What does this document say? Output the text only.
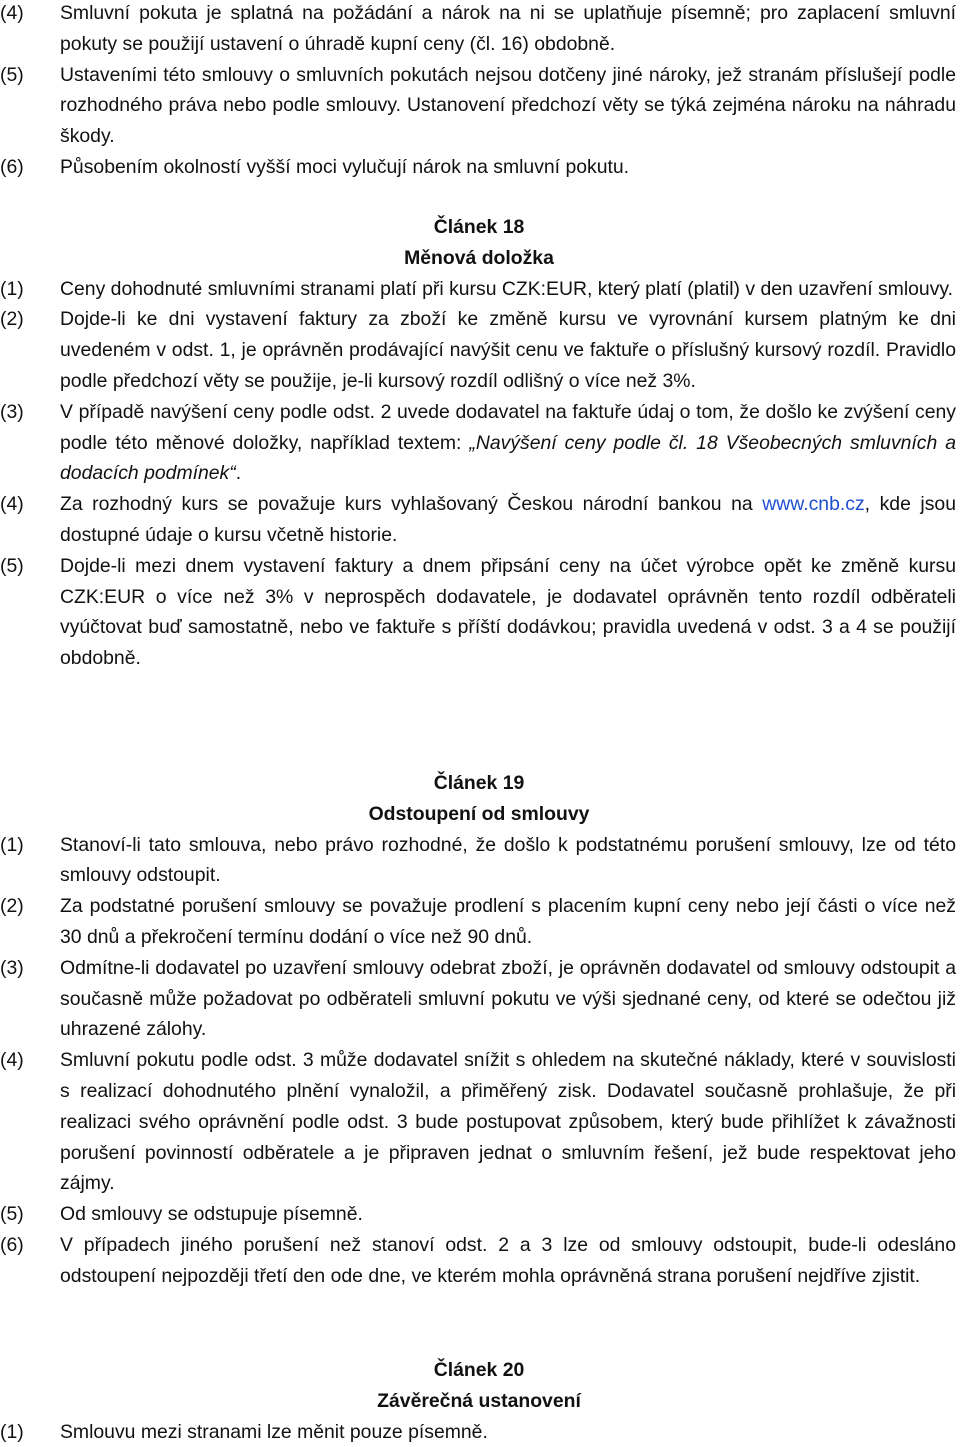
(4)	Smluvní pokuta je splatná na požádání a nárok na ni se uplatňuje písemně; pro zaplacení smluvní pokuty se použijí ustavení o úhradě kupní ceny (čl. 16) obdobně.
(5)	Ustaveními této smlouvy o smluvních pokutách nejsou dotčeny jiné nároky, jež stranám příslušejí podle rozhodného práva nebo podle smlouvy. Ustanovení předchozí věty se týká zejména nároku na náhradu škody.
(6)	Působením okolností vyšší moci vylučují nárok na smluvní pokutu.
Článek 18
Měnová doložka
(1)	Ceny dohodnuté smluvními stranami platí při kursu CZK:EUR, který platí (platil) v den uzavření smlouvy.
(2)	Dojde-li ke dni vystavení faktury za zboží ke změně kursu ve vyrovnání kursem platným ke dni uvedeném v odst. 1, je oprávněn prodávající navýšit cenu ve faktuře o příslušný kursový rozdíl. Pravidlo podle předchozí věty se použije, je-li kursový rozdíl odlišný o více než 3%.
(3)	V případě navýšení ceny podle odst. 2 uvede dodavatel na faktuře údaj o tom, že došlo ke zvýšení ceny podle této měnové doložky, například textem: „Navýšení ceny podle čl. 18 Všeobecných smluvních a dodacích podmínek“.
(4)	Za rozhodný kurs se považuje kurs vyhlašovaný Českou národní bankou na www.cnb.cz, kde jsou dostupné údaje o kursu včetně historie.
(5)	Dojde-li mezi dnem vystavení faktury a dnem připsání ceny na účet výrobce opět ke změně kursu CZK:EUR o více než 3% v neprospěch dodavatele, je dodavatel oprávněn tento rozdíl odběrateli vyúčtovat buď samostatně, nebo ve faktuře s příští dodávkou; pravidla uvedená v odst. 3 a 4 se použijí obdobně.
Článek 19
Odstoupení od smlouvy
(1)	Stanoví-li tato smlouva, nebo právo rozhodné, že došlo k podstatnému porušení smlouvy, lze od této smlouvy odstoupit.
(2)	Za podstatné porušení smlouvy se považuje prodlení s placením kupní ceny nebo její části o více než 30 dnů a překročení termínu dodání o více než 90 dnů.
(3)	Odmítne-li dodavatel po uzavření smlouvy odebrat zboží, je oprávněn dodavatel od smlouvy odstoupit a současně může požadovat po odběrateli smluvní pokutu ve výši sjednané ceny, od které se odečtou již uhrazené zálohy.
(4)	Smluvní pokutu podle odst. 3 může dodavatel snížit s ohledem na skutečné náklady, které v souvislosti s realizací dohodnutého plnění vynaložil, a přiměřený zisk. Dodavatel současně prohlašuje, že při realizaci svého oprávnění podle odst. 3 bude postupovat způsobem, který bude přihlížet k závažnosti porušení povinností odběratele a je připraven jednat o smluvním řešení, jež bude respektovat jeho zájmy.
(5)	Od smlouvy se odstupuje písemně.
(6)	V případech jiného porušení než stanoví odst. 2 a 3 lze od smlouvy odstoupit, bude-li odesláno odstoupení nejpozději třetí den ode dne, ve kterém mohla oprávněná strana porušení nejdříve zjistit.
Článek 20
Závěrečná ustanovení
(1)	Smlouvu mezi stranami lze měnit pouze písemně.
